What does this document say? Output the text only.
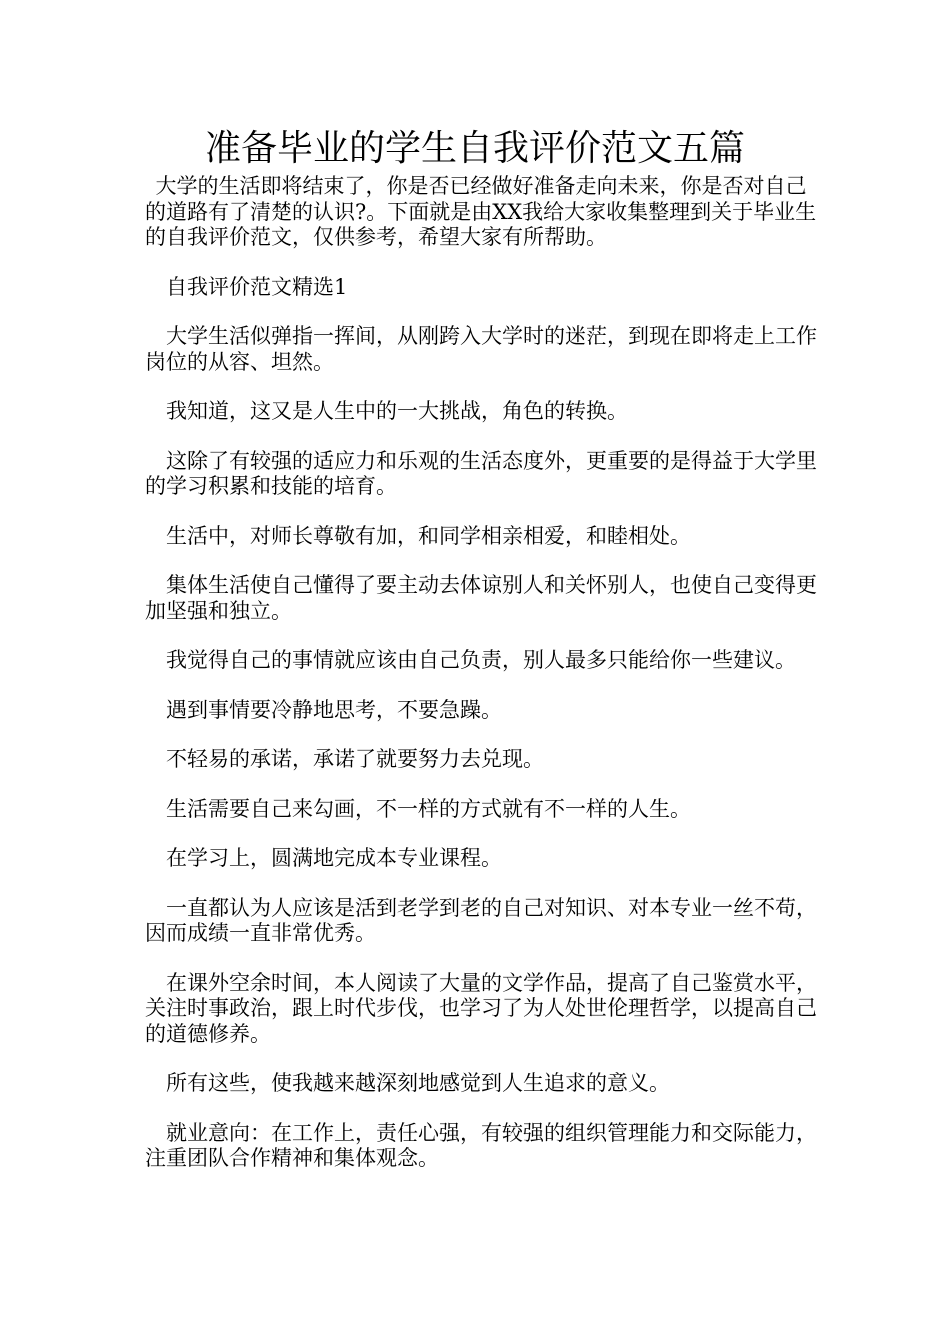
准备毕业的学生自我评价范文五篇

大学的生活即将结束了，你是否已经做好准备走向未来，你是否对自己的道路有了清楚的认识?。下面就是由XX我给大家收集整理到关于毕业生的自我评价范文，仅供参考，希望大家有所帮助。

自我评价范文精选1

大学生活似弹指一挥间，从刚跨入大学时的迷茫，到现在即将走上工作岗位的从容、坦然。

我知道，这又是人生中的一大挑战，角色的转换。

这除了有较强的适应力和乐观的生活态度外，更重要的是得益于大学里的学习积累和技能的培育。

生活中，对师长尊敬有加，和同学相亲相爱，和睦相处。

集体生活使自己懂得了要主动去体谅别人和关怀别人，也使自己变得更加坚强和独立。

我觉得自己的事情就应该由自己负责，别人最多只能给你一些建议。

遇到事情要冷静地思考，不要急躁。

不轻易的承诺，承诺了就要努力去兑现。

生活需要自己来勾画，不一样的方式就有不一样的人生。

在学习上，圆满地完成本专业课程。

一直都认为人应该是活到老学到老的自己对知识、对本专业一丝不苟，因而成绩一直非常优秀。

在课外空余时间，本人阅读了大量的文学作品，提高了自己鉴赏水平，关注时事政治，跟上时代步伐，也学习了为人处世伦理哲学，以提高自己的道德修养。

所有这些，使我越来越深刻地感觉到人生追求的意义。

就业意向：在工作上，责任心强，有较强的组织管理能力和交际能力，注重团队合作精神和集体观念。
